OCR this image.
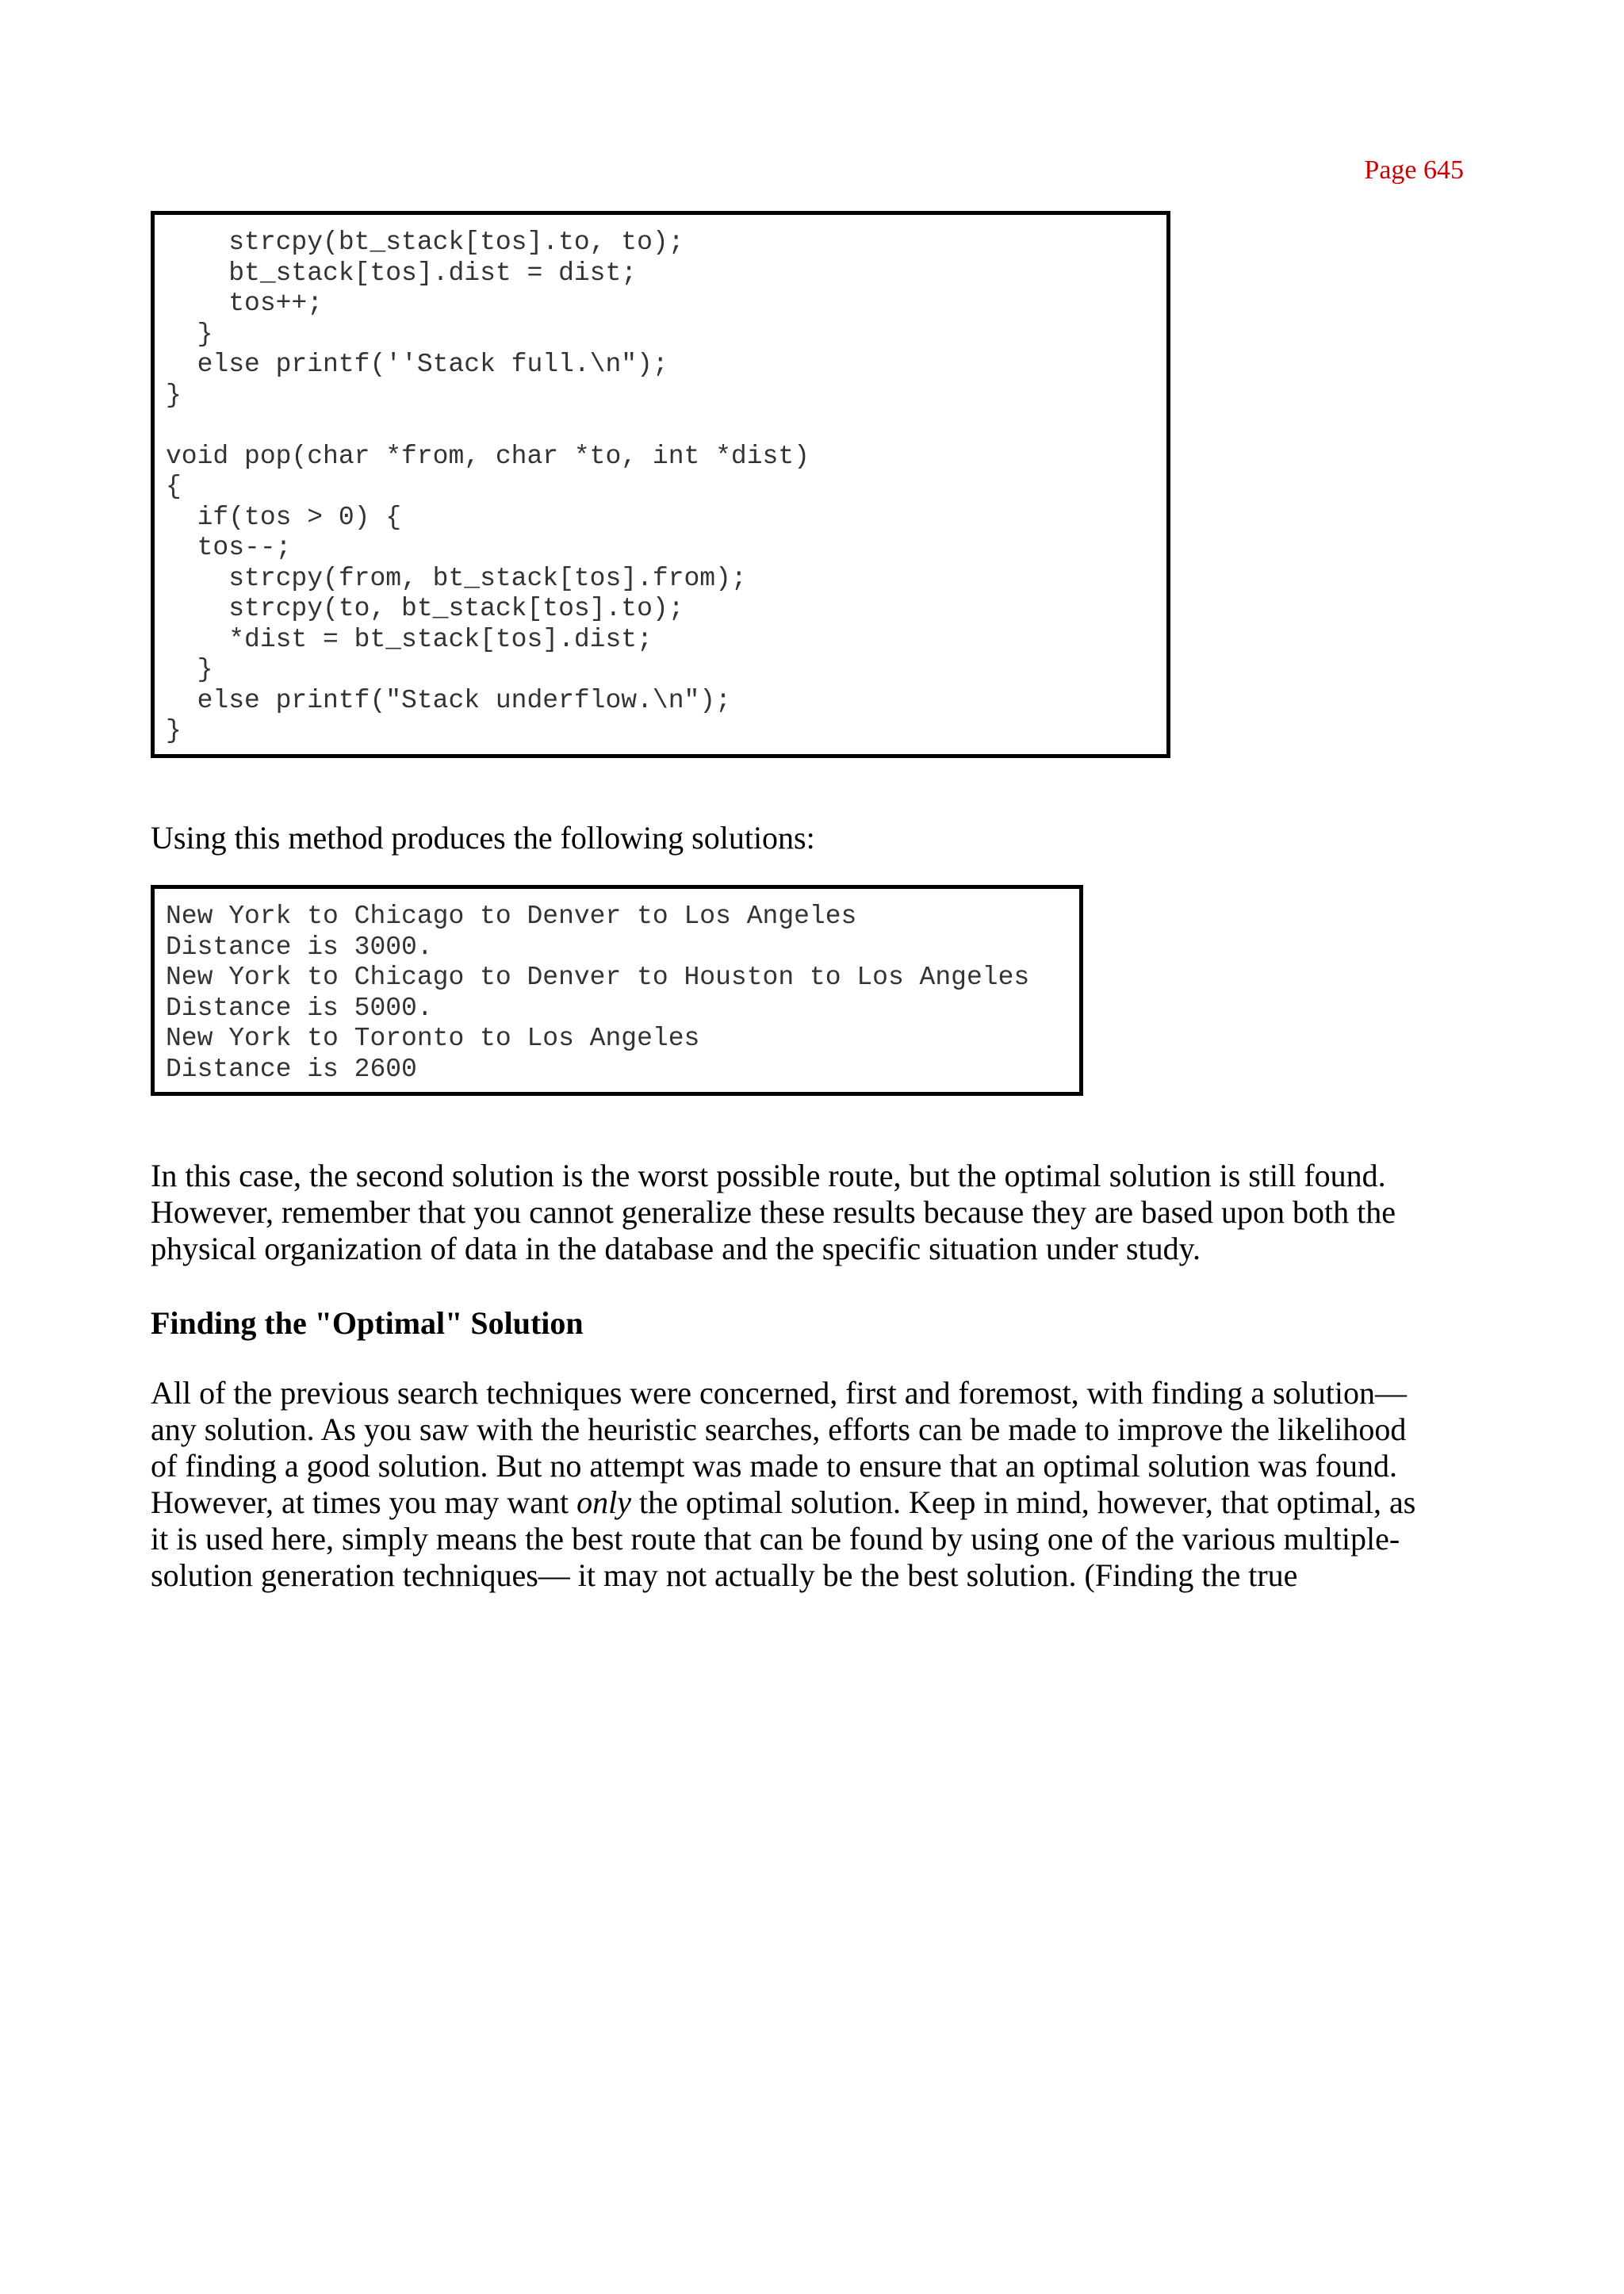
Page 645
strcpy(bt_stack[tos].to, to);
bt_stack[tos].dist = dist;
tos++;
}
else printf(''Stack full.\n");
}

void pop(char *from, char *to, int *dist)
{
if(tos > 0) {
tos--;
strcpy(from, bt_stack[tos].from);
strcpy(to, bt_stack[tos].to);
*dist = bt_stack[tos].dist;
}
else printf("Stack underflow.\n");
}

Using this method produces the following solutions:

New York to Chicago to Denver to Los Angeles
Distance is 3000.
New York to Chicago to Denver to Houston to Los Angeles
Distance is 5000.
New York to Toronto to Los Angeles
Distance is 2600

In this case, the second solution is the worst possible route, but the optimal solution is still found.
However, remember that you cannot generalize these results because they are based upon both the
physical organization of data in the database and the specific situation under study.

Finding the "Optimal" Solution

All of the previous search techniques were concerned, first and foremost, with finding a solution—
any solution. As you saw with the heuristic searches, efforts can be made to improve the likelihood
of finding a good solution. But no attempt was made to ensure that an optimal solution was found.
However, at times you may want only the optimal solution. Keep in mind, however, that optimal, as
it is used here, simply means the best route that can be found by using one of the various multiple-
solution generation techniques— it may not actually be the best solution. (Finding the true
